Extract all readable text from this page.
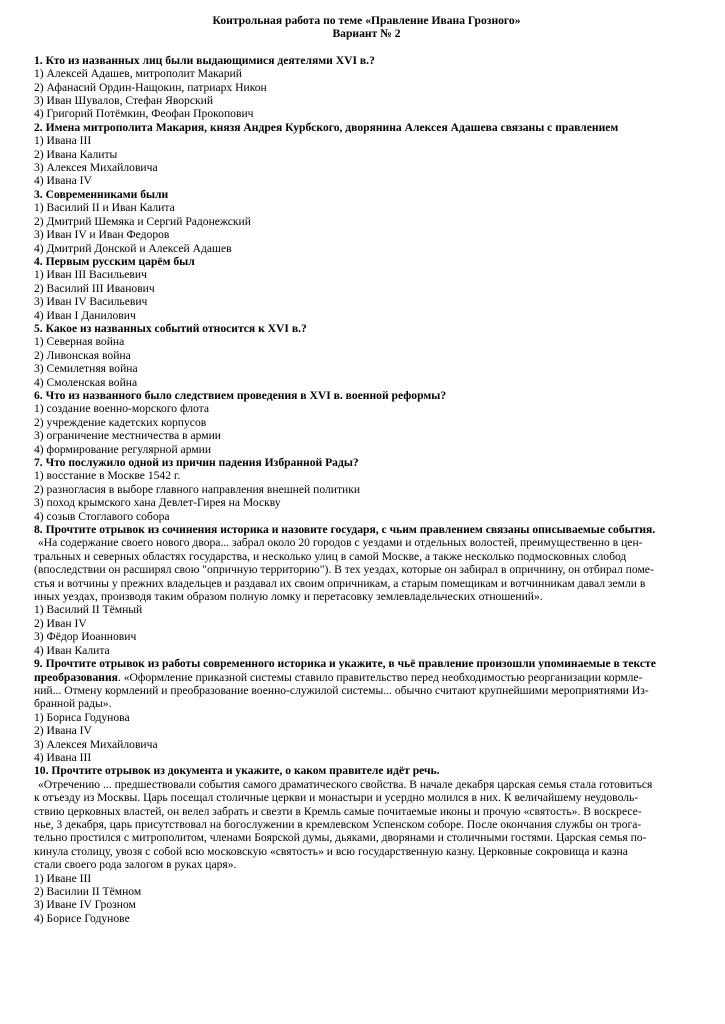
Контрольная работа по теме «Правление Ивана Грозного»

Вариант № 2

1. Кто из названных лиц были выдающимися деятелями XVI в.?

1) Алексей Адашев, митрополит Макарий

2) Афанасий Ордин-Нащокин, патриарх Никон

3) Иван Шувалов, Стефан Яворский

4) Григорий Потёмкин, Феофан Прокопович

2. Имена митрополита Макария, князя Андрея Курбского, дворянина Алексея Адашева связаны с правлением

1) Ивана III

2) Ивана Калиты

3) Алексея Михайловича

4) Ивана IV

3. Современниками были

1) Василий II и Иван Калита

2) Дмитрий Шемяка и Сергий Радонежский

3) Иван IV и Иван Федоров

4) Дмитрий Донской и Алексей Адашев

4. Первым русским царём был

1) Иван III Васильевич

2) Василий III Иванович

3) Иван IV Васильевич

4) Иван I Данилович

5. Какое из названных событий относится к XVI в.?

1) Северная война

2) Ливонская война

3) Семилетняя война

4) Смоленская война

6. Что из названного было следствием проведения в XVI в. военной реформы?

1) создание военно-морского флота

2) учреждение кадетских корпусов

3) ограничение местничества в армии

4) формирование регулярной армии

7. Что послужило одной из причин падения Избранной Рады?

1) восстание в Москве 1542 г.

2) разногласия в выборе главного направления внешней политики

3) поход крымского хана Девлет-Гирея на Москву

4) созыв Стоглавого собора

8. Прочтите отрывок из сочинения историка и назовите государя, с чьим правлением связаны описываемые события.

«На содержание своего нового двора... забрал около 20 городов с уездами и отдельных волостей, преимущественно в цен-

тральных и северных областях государства, и несколько улиц в самой Москве, а также несколько подмосковных слобод

(впоследствии он расширял свою "опричную территорию"). В тех уездах, которые он забирал в опричнину, он отбирал поме-

стья и вотчины у прежних владельцев и раздавал их своим опричникам, а старым помещикам и вотчинникам давал земли в

иных уездах, производя таким образом полную ломку и перетасовку землевладельческих отношений».

1) Василий II Тёмный

2) Иван IV

3) Фёдор Иоаннович

4) Иван Калита

9. Прочтите отрывок из работы современного историка и укажите, в чьё правление произошли упоминаемые в тексте

преобразования. «Оформление приказной системы ставило правительство перед необходимостью реорганизации кормле-

ний... Отмену кормлений и преобразование военно-служилой системы... обычно считают крупнейшими мероприятиями Из-

бранной рады».

1) Бориса Годунова

2) Ивана IV

3) Алексея Михайловича

4) Ивана III

10. Прочтите отрывок из документа и укажите, о каком правителе идёт речь.

«Отречению ... предшествовали события самого драматического свойства. В начале декабря царская семья стала готовиться

к отъезду из Москвы. Царь посещал столичные церкви и монастыри и усердно молился в них. К величайшему неудоволь-

ствию церковных властей, он велел забрать и свезти в Кремль самые почитаемые иконы и прочую «святость». В воскресе-

нье, 3 декабря, царь присутствовал на богослужении в кремлевском Успенском соборе. После окончания службы он трога-

тельно простился с митрополитом, членами Боярской думы, дьяками, дворянами и столичными гостями. Царская семья по-

кинула столицу, увозя с собой всю московскую «святость» и всю государственную казну. Церковные сокровища и казна

стали своего рода залогом в руках царя».

1) Иване III

2) Василии II Тёмном

3) Иване IV Грозном

4) Борисе Годунове
